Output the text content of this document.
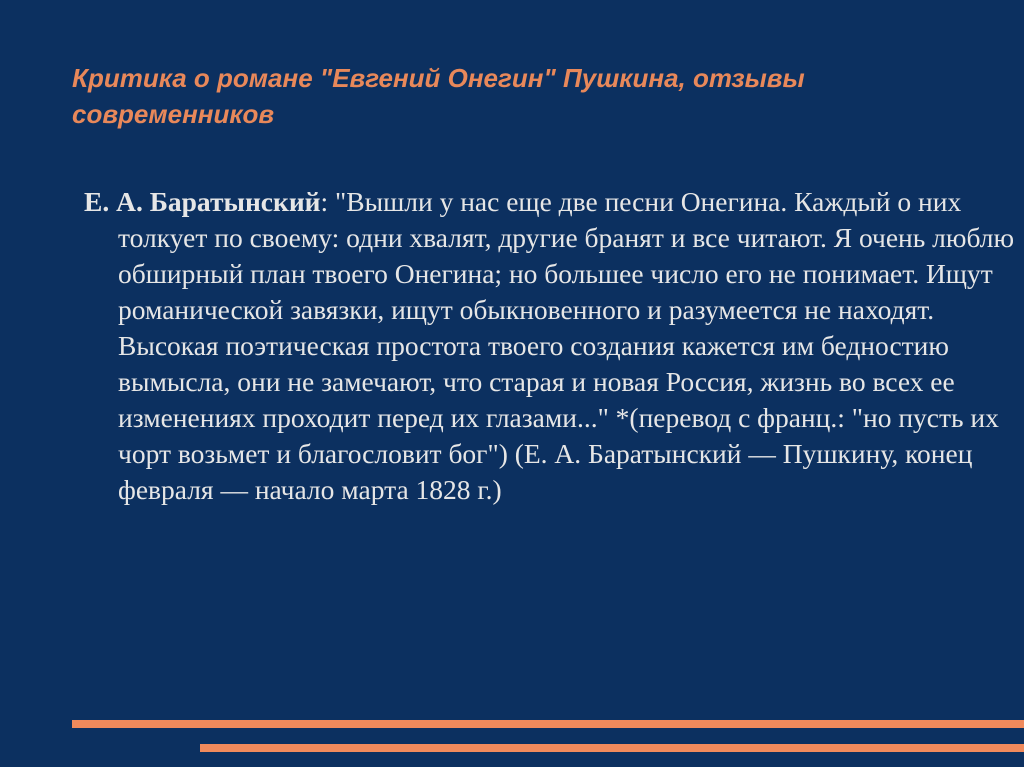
Критика о романе "Евгений Онегин" Пушкина, отзывы современников

Е. А. Баратынский: "Вышли у нас еще две песни Онегина. Каждый о них толкует по своему: одни хвалят, другие бранят и все читают. Я очень люблю обширный план твоего Онегина; но большее число его не понимает. Ищут романической завязки, ищут обыкновенного и разумеется не находят. Высокая поэтическая простота твоего создания кажется им бедностию вымысла, они не замечают, что старая и новая Россия, жизнь во всех ее изменениях проходит перед их глазами..." *(перевод с франц.: "но пусть их чорт возьмет и благословит бог") (Е. А. Баратынский — Пушкину, конец февраля — начало марта 1828 г.)
